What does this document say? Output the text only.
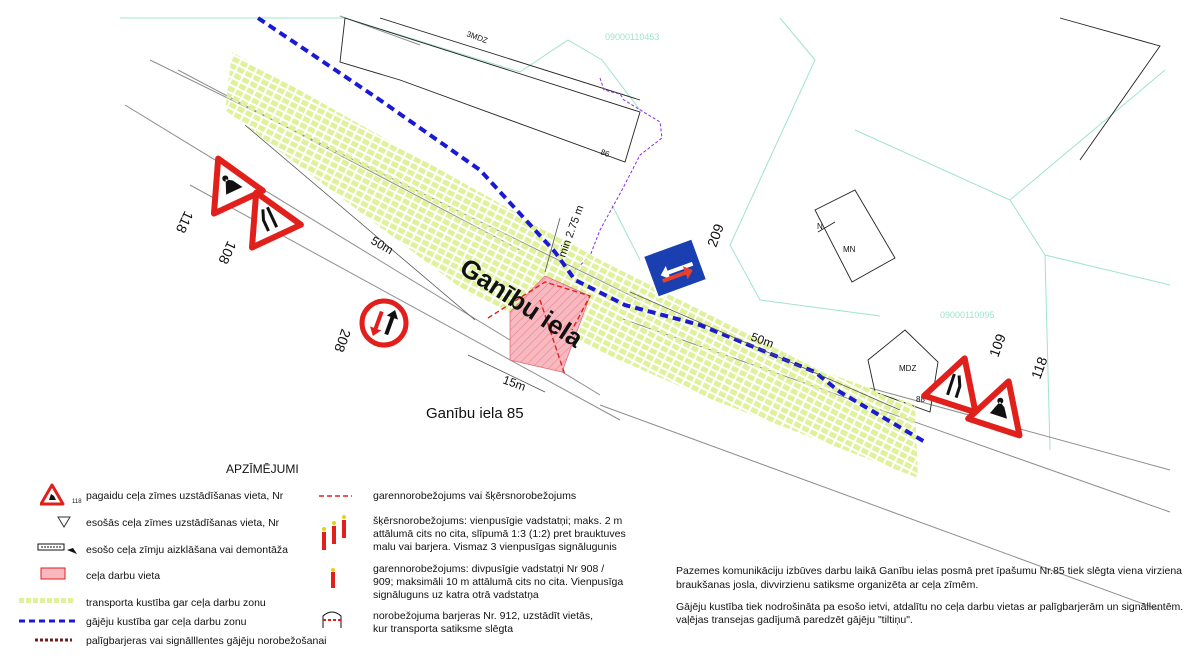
Ganību iela
Ganību iela 85
50m
50m
15m
min 2.75 m
3MDZ
86
N
MN
MDZ
88
09000110453
09000110095
118
108
208
209
109
118
APZĪMĒJUMI
118 pagaidu ceļa zīmes uzstādīšanas vieta, Nr
esošās ceļa zīmes uzstādīšanas vieta, Nr
esošo ceļa zīmju aizklāšana vai demontāža
ceļa darbu vieta
transporta kustība gar ceļa darbu zonu
gājēju kustība gar ceļa darbu zonu
palīgbarjeras vai signālllentes gājēju norobežošanai
garennorobežojums vai šķērsnorobežojums
šķērsnorobežojums: vienpusīgie vadstatņi; maks. 2 m
attālumā cits no cita, slīpumā 1:3 (1:2) pret brauktuves
malu vai barjera. Vismaz 3 vienpusīgas signālugunis
garennorobežojums: divpusīgie vadstatņi Nr 908 /
909; maksimāli 10 m attālumā cits no cita. Vienpusīga
signāluguns uz katra otrā vadstatņa
norobežojuma barjeras Nr. 912, uzstādīt vietās,
kur transporta satiksme slēgta
Pazemes komunikāciju izbūves darbu laikā Ganību ielas posmā pret īpašumu Nr.85 tiek slēgta viena virziena
braukšanas josla, divvirzienu satiksme organizēta ar ceļa zīmēm.
Gājēju kustība tiek nodrošināta pa esošo ietvi, atdalītu no ceļa darbu vietas ar palīgbarjerām un signāllentēm.
vaļējas transejas gadījumā paredzēt gājēju "tiltiņu".
